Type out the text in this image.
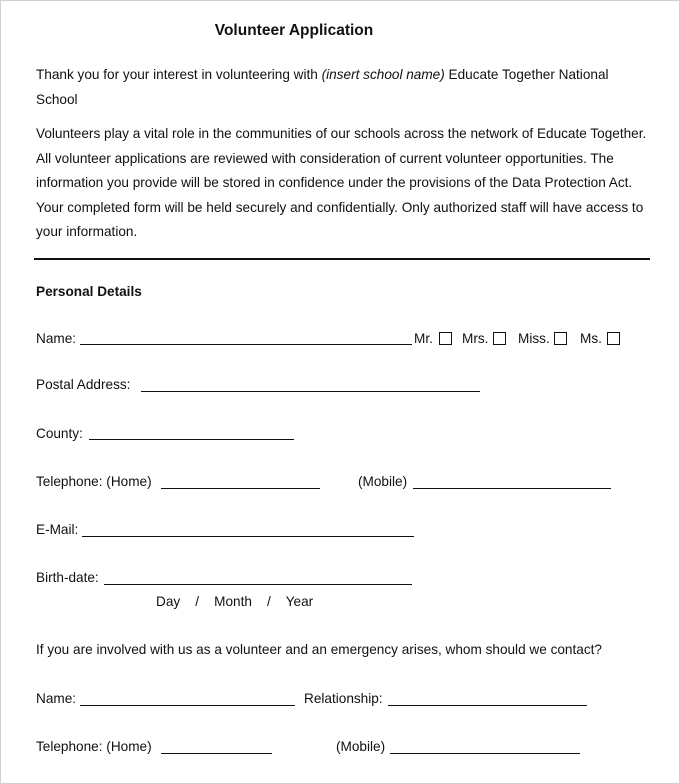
Volunteer Application
Thank you for your interest in volunteering with (insert school name) Educate Together National School
Volunteers play a vital role in the communities of our schools across the network of Educate Together. All volunteer applications are reviewed with consideration of current volunteer opportunities. The information you provide will be stored in confidence under the provisions of the Data Protection Act. Your completed form will be held securely and confidentially. Only authorized staff will have access to your information.
Personal Details
Name:	Mr. Mrs. Miss. Ms.
Postal Address:
County:
Telephone: (Home)	(Mobile)
E-Mail:
Birth-date:
Day    /    Month    /    Year
If you are involved with us as a volunteer and an emergency arises, whom should we contact?
Name:	Relationship:
Telephone: (Home)	(Mobile)
